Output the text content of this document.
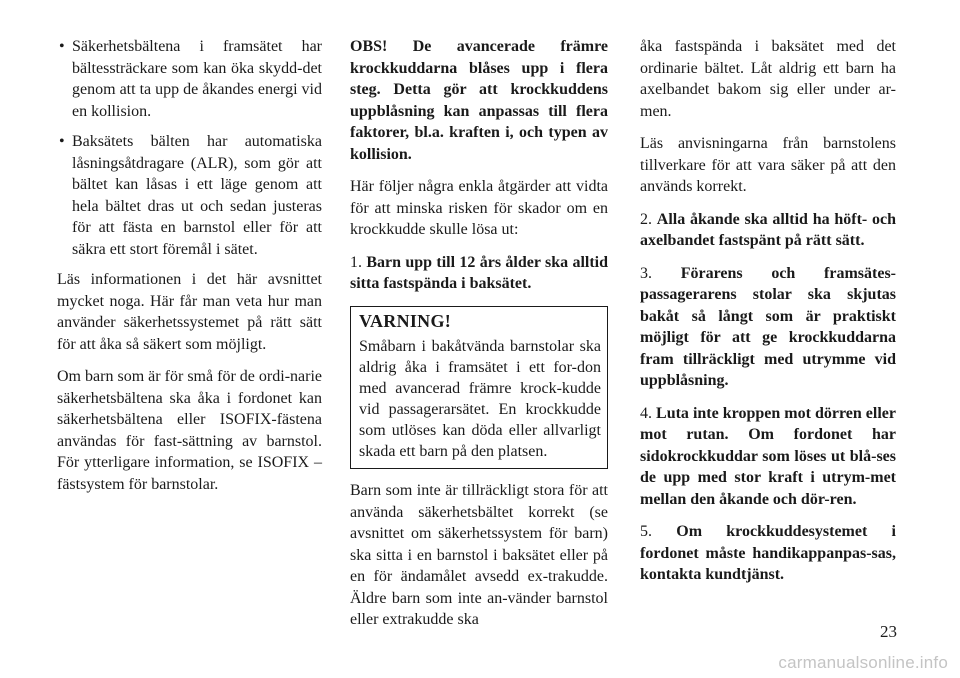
• Säkerhetsbältena i framsätet har bältessträckare som kan öka skydd-det genom att ta upp de åkandes energi vid en kollision.
• Baksätets bälten har automatiska låsningsåtdragare (ALR), som gör att bältet kan låsas i ett läge genom att hela bältet dras ut och sedan justeras för att fästa en barnstol eller för att säkra ett stort föremål i sätet.

Läs informationen i det här avsnittet mycket noga. Här får man veta hur man använder säkerhetssystemet på rätt sätt för att åka så säkert som möjligt.

Om barn som är för små för de ordi-narie säkerhetsbältena ska åka i fordonet kan säkerhetsbältena eller ISOFIX-fästena användas för fast-sättning av barnstol. För ytterligare information, se ISOFIX – fästsystem för barnstolar.

OBS! De avancerade främre krockkuddarna blåses upp i flera steg. Detta gör att krockkuddens uppblåsning kan anpassas till flera faktorer, bl.a. kraften i, och typen av kollision.

Här följer några enkla åtgärder att vidta för att minska risken för skador om en krockkudde skulle lösa ut:

1. Barn upp till 12 års ålder ska alltid sitta fastspända i baksätet.

VARNING!
Småbarn i bakåtvända barnstolar ska aldrig åka i framsätet i ett for-don med avancerad främre krock-kudde vid passagerarsätet. En krockkudde som utlöses kan döda eller allvarligt skada ett barn på den platsen.

Barn som inte är tillräckligt stora för att använda säkerhetsbältet korrekt (se avsnittet om säkerhetssystem för barn) ska sitta i en barnstol i baksätet eller på en för ändamålet avsedd ex-trakudde. Äldre barn som inte an-vänder barnstol eller extrakudde ska

åka fastspända i baksätet med det ordinarie bältet. Låt aldrig ett barn ha axelbandet bakom sig eller under ar-men.

Läs anvisningarna från barnstolens tillverkare för att vara säker på att den används korrekt.

2. Alla åkande ska alltid ha höft- och axelbandet fastspänt på rätt sätt.

3. Förarens och framsätes-passagerarens stolar ska skjutas bakåt så långt som är praktiskt möjligt för att ge krockkuddarna fram tillräckligt med utrymme vid uppblåsning.

4. Luta inte kroppen mot dörren eller mot rutan. Om fordonet har sidokrockkuddar som löses ut blå-ses de upp med stor kraft i utrym-met mellan den åkande och dör-ren.

5. Om krockkuddesystemet i fordonet måste handikappanpas-sas, kontakta kundtjänst.

23
carmanualsonline.info
